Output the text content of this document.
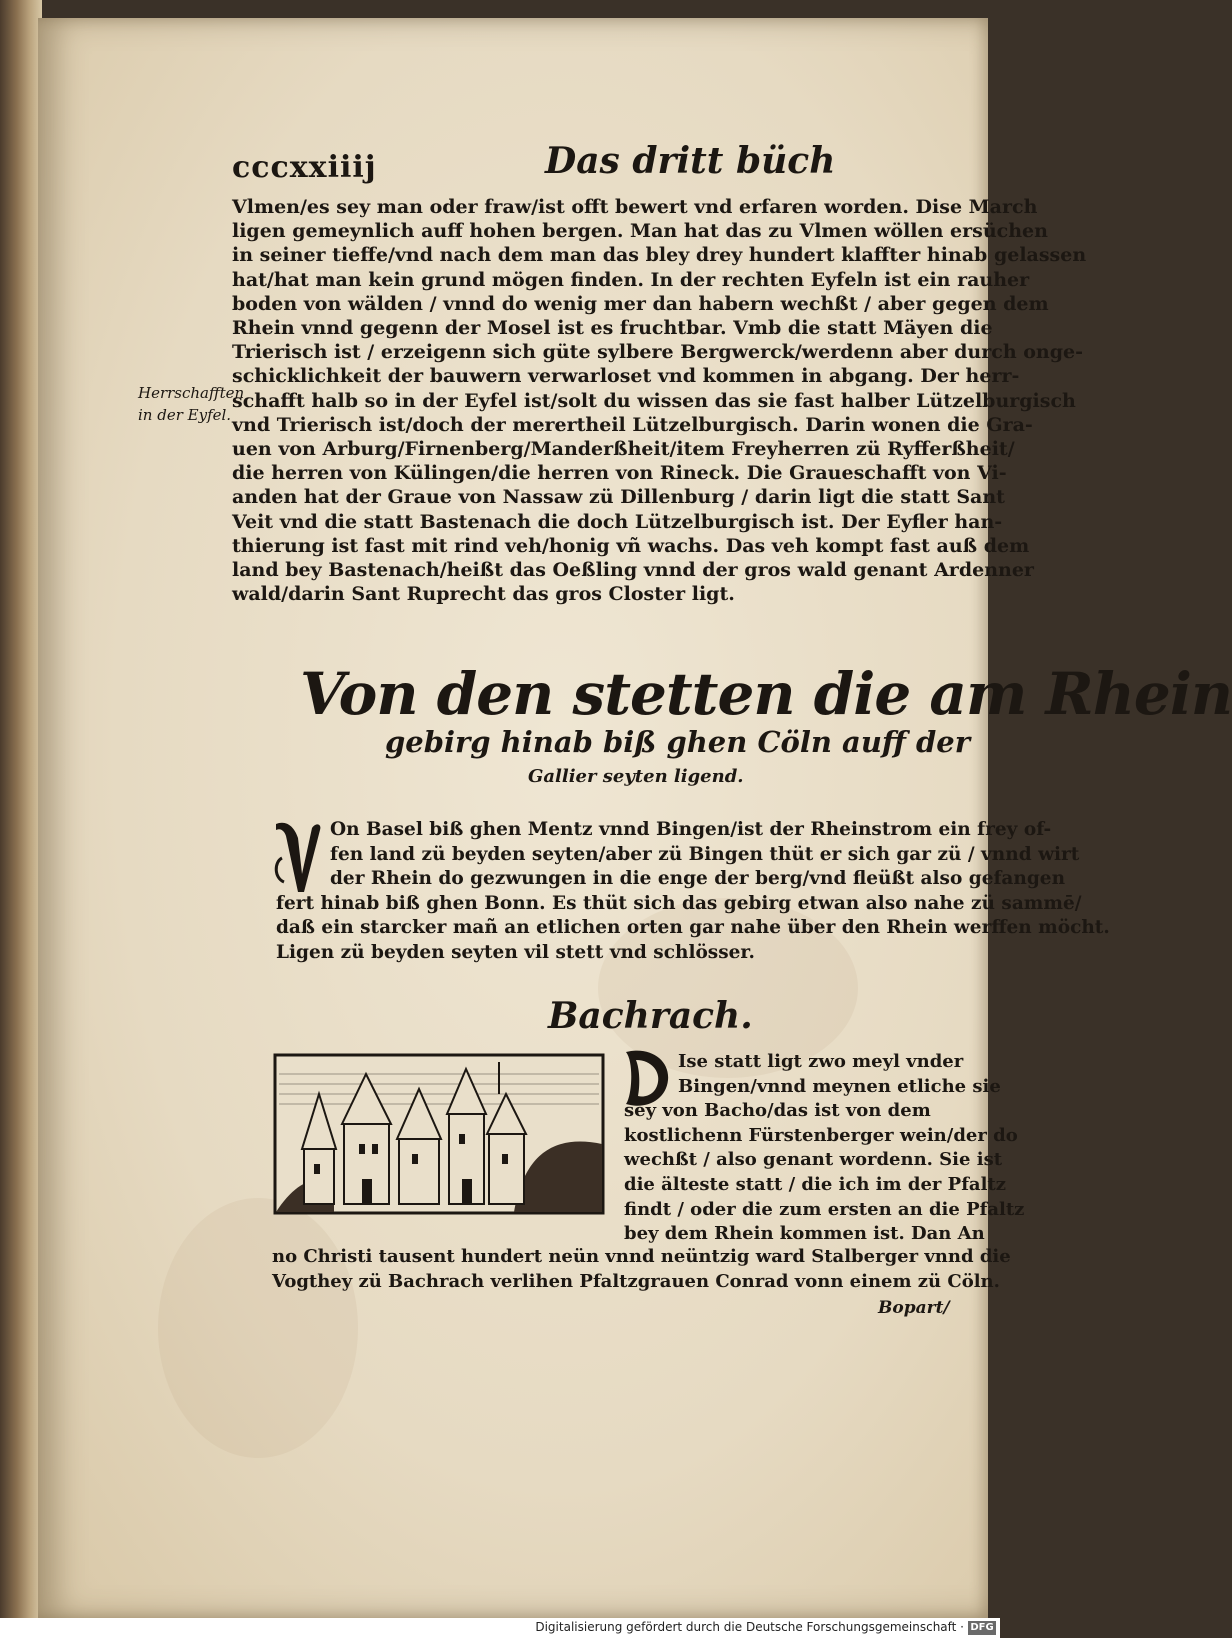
cccxxiiij	Das dritt büch
Herrschafften in der Eyfel.
Vlmen/es sey man oder fraw/ist offt bewert vnd erfaren worden. Dise March
ligen gemeynlich auff hohen bergen. Man hat das zu Vlmen wöllen ersüchen
in seiner tieffe/vnd nach dem man das bley drey hundert klaffter hinab gelassen
hat/hat man kein grund mögen finden. In der rechten Eyfeln ist ein rauher
boden von wälden / vnnd do wenig mer dan habern wechßt / aber gegen dem
Rhein vnnd gegenn der Mosel ist es fruchtbar. Vmb die statt Mäyen die
Trierisch ist / erzeigenn sich güte sylbere Bergwerck/werdenn aber durch onge-
schicklichkeit der bauwern verwarloset vnd kommen in abgang. Der herr-
schafft halb so in der Eyfel ist/solt du wissen das sie fast halber Lützelburgisch
vnd Trierisch ist/doch der merertheil Lützelburgisch. Darin wonen die Gra-
uen von Arburg/Firnenberg/Manderßheit/item Freyherren zü Ryfferßheit/
die herren von Külingen/die herren von Rineck. Die Graueschafft von Vi-
anden hat der Graue von Nassaw zü Dillenburg / darin ligt die statt Sant
Veit vnd die statt Bastenach die doch Lützelburgisch ist. Der Eyfler han-
thierung ist fast mit rind veh/honig vñ wachs. Das veh kompt fast auß dem
land bey Bastenach/heißt das Oeßling vnnd der gros wald genant Ardenner
wald/darin Sant Ruprecht das gros Closter ligt.
Von den stetten die am Rhein
gebirg hinab biß ghen Cöln auff der
Gallier seyten ligend.
On Basel biß ghen Mentz vnnd Bingen/ist der Rheinstrom ein frey of-
fen land zü beyden seyten/aber zü Bingen thüt er sich gar zü / vnnd wirt
der Rhein do gezwungen in die enge der berg/vnd fleüßt also gefangen
fert hinab biß ghen Bonn. Es thüt sich das gebirg etwan also nahe zü sammē/
daß ein starcker mañ an etlichen orten gar nahe über den Rhein werffen möcht.
Ligen zü beyden seyten vil stett vnd schlösser.
Bachrach.
Ise statt ligt zwo meyl vnder
Bingen/vnnd meynen etliche sie
sey von Bacho/das ist von dem
kostlichenn Fürstenberger wein/der do
wechßt / also genant wordenn. Sie ist
die älteste statt / die ich im der Pfaltz
findt / oder die zum ersten an die Pfaltz
bey dem Rhein kommen ist. Dan An
no Christi tausent hundert neün vnnd neüntzig ward Stalberger vnnd die
Vogthey zü Bachrach verlihen Pfaltzgrauen Conrad vonn einem zü Cöln.
Bopart/
Digitalisierung gefördert durch die Deutsche Forschungsgemeinschaft · DFG
